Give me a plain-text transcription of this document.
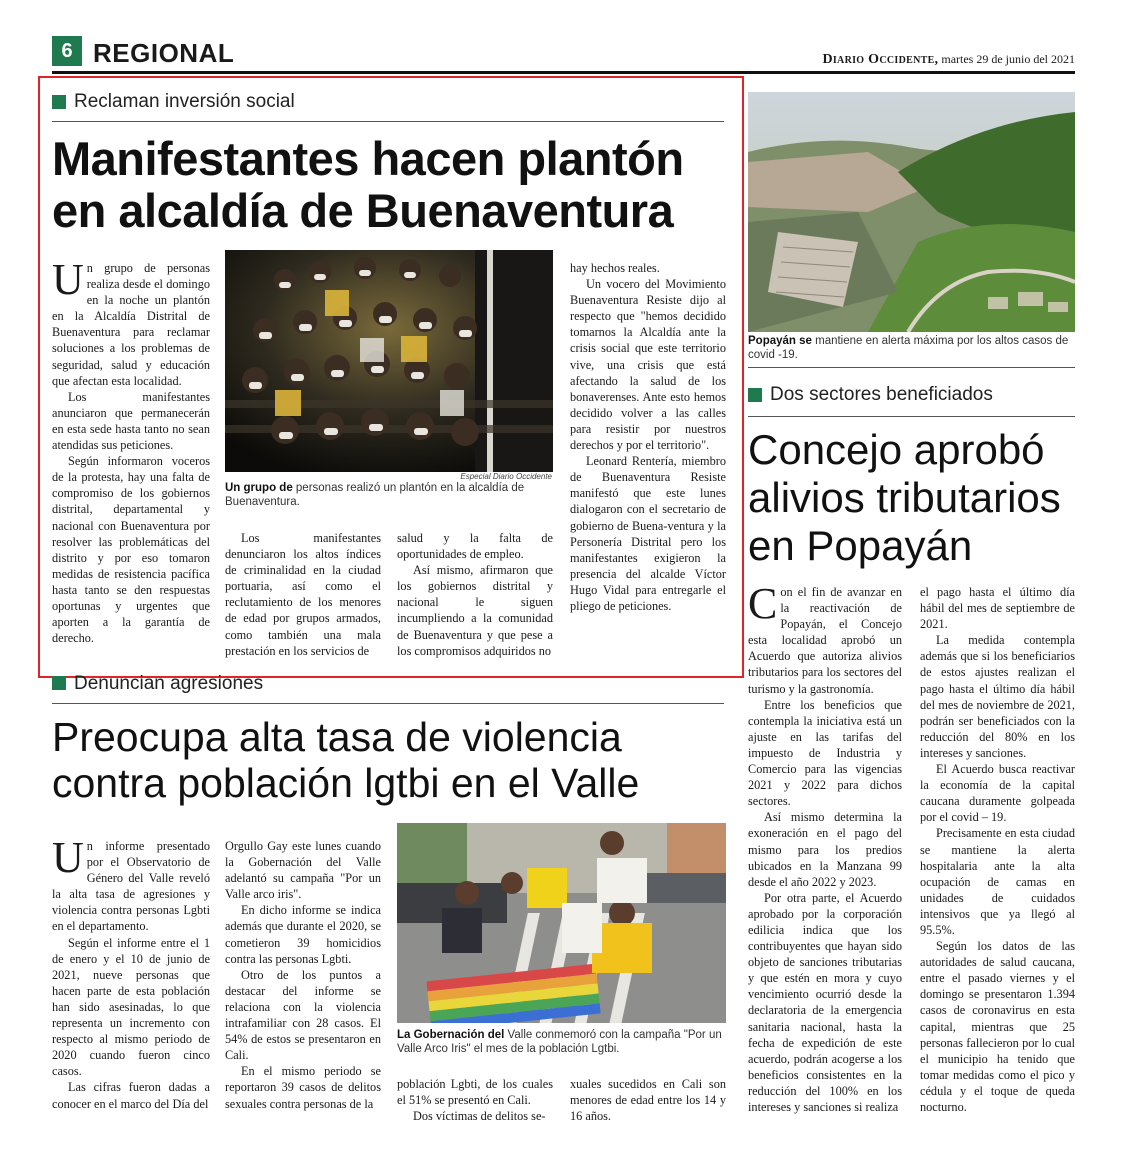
6 REGIONAL	Diario Occidente, martes 29 de junio del 2021
Reclaman inversión social
Manifestantes hacen plantón
en alcaldía de Buenaventura

Un grupo de personas realiza desde el domingo en la noche un plantón en la Alcaldía Distrital de Buenaventura para reclamar soluciones a los problemas de seguridad, salud y educación que afectan esta localidad.

Los manifestantes anunciaron que permanecerán en esta sede hasta tanto no sean atendidas sus peticiones.

Según informaron voceros de la protesta, hay una falta de compromiso de los gobiernos distrital, departamental y nacional con Buenaventura por resolver las problemáticas del distrito y por eso tomaron medidas de resistencia pacífica hasta tanto se den respuestas oportunas y urgentes que aporten a la garantía de derecho.

Especial Diario Occidente
Un grupo de personas realizó un plantón en la alcaldía de Buenaventura.

Los manifestantes denunciaron los altos índices de criminalidad en la ciudad portuaria, así como el reclutamiento de los menores de edad por grupos armados, como también una mala prestación en los servicios de

salud y la falta de oportunidades de empleo.

Así mismo, afirmaron que los gobiernos distrital y nacional le siguen incumpliendo a la comunidad de Buenaventura y que pese a los compromisos adquiridos no

hay hechos reales.

Un vocero del Movimiento Buenaventura Resiste dijo al respecto que "hemos decidido tomarnos la Alcaldía ante la crisis social que este territorio vive, una crisis que está afectando la salud de los bonaverenses. Ante esto hemos decidido volver a las calles para resistir por nuestros derechos y por el territorio".

Leonard Rentería, miembro de Buenaventura Resiste manifestó que este lunes dialogaron con el secretario de gobierno de Buena-ventura y la Personería Distrital pero los manifestantes exigieron la presencia del alcalde Víctor Hugo Vidal para entregarle el pliego de peticiones.

Popayán se mantiene en alerta máxima por los altos casos de covid -19.
Dos sectores beneficiados
Concejo aprobó
alivios tributarios
en Popayán

Con el fin de avanzar en la reactivación de Popayán, el Concejo esta localidad aprobó un Acuerdo que autoriza alivios tributarios para los sectores del turismo y la gastronomía.

Entre los beneficios que contempla la iniciativa está un ajuste en las tarifas del impuesto de Industria y Comercio para las vigencias 2021 y 2022 para dichos sectores.

Así mismo determina la exoneración en el pago del mismo para los predios ubicados en la Manzana 99 desde el año 2022 y 2023.

Por otra parte, el Acuerdo aprobado por la corporación edilicia indica que los contribuyentes que hayan sido objeto de sanciones tributarias y que estén en mora y cuyo vencimiento ocurrió desde la declaratoria de la emergencia sanitaria nacional, hasta la fecha de expedición de este acuerdo, podrán acogerse a los beneficios consistentes en la reducción del 100% en los intereses y sanciones si realiza

el pago hasta el último día hábil del mes de septiembre de 2021.

La medida contempla además que si los beneficiarios de estos ajustes realizan el pago hasta el último día hábil del mes de noviembre de 2021, podrán ser beneficiados con la reducción del 80% en los intereses y sanciones.

El Acuerdo busca reactivar la economía de la capital caucana duramente golpeada por el covid – 19.

Precisamente en esta ciudad se mantiene la alerta hospitalaria ante la alta ocupación de camas en unidades de cuidados intensivos que ya llegó al 95.5%.

Según los datos de las autoridades de salud caucana, entre el pasado viernes y el domingo se presentaron 1.394 casos de coronavirus en esta capital, mientras que 25 personas fallecieron por lo cual el municipio ha tenido que tomar medidas como el pico y cédula y el toque de queda nocturno.

Denuncian agresiones
Preocupa alta tasa de violencia
contra población lgtbi en el Valle

Un informe presentado por el Observatorio de Género del Valle reveló la alta tasa de agresiones y violencia contra personas Lgbti en el departamento.

Según el informe entre el 1 de enero y el 10 de junio de 2021, nueve personas que hacen parte de esta población han sido asesinadas, lo que representa un incremento con respecto al mismo periodo de 2020 cuando fueron cinco casos.

Las cifras fueron dadas a conocer en el marco del Día del

Orgullo Gay este lunes cuando la Gobernación del Valle adelantó su campaña "Por un Valle arco iris".

En dicho informe se indica además que durante el 2020, se cometieron 39 homicidios contra las personas Lgbti.

Otro de los puntos a destacar del informe se relaciona con la violencia intrafamiliar con 28 casos. El 54% de estos se presentaron en Cali.

En el mismo periodo se reportaron 39 casos de delitos sexuales contra personas de la

La Gobernación del Valle conmemoró con la campaña "Por un Valle Arco Iris" el mes de la población Lgtbi.

población Lgbti, de los cuales el 51% se presentó en Cali.

Dos víctimas de delitos se-

xuales sucedidos en Cali son menores de edad entre los 14 y 16 años.
